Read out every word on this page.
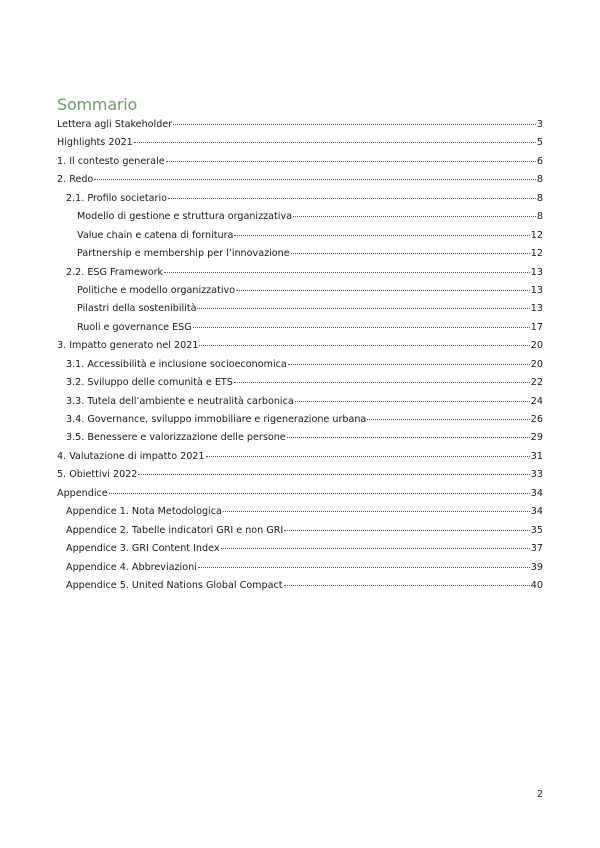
Sommario
Lettera agli Stakeholder	3
Highlights 2021	5
1. Il contesto generale	6
2. Redo	8
2.1. Profilo societario	8
Modello di gestione e struttura organizzativa	8
Value chain e catena di fornitura	12
Partnership e membership per l’innovazione	12
2.2. ESG Framework	13
Politiche e modello organizzativo	13
Pilastri della sostenibilità	13
Ruoli e governance ESG	17
3. Impatto generato nel 2021	20
3.1. Accessibilità e inclusione socioeconomica	20
3.2. Sviluppo delle comunità e ETS	22
3.3. Tutela dell’ambiente e neutralità carbonica	24
3.4. Governance, sviluppo immobiliare e rigenerazione urbana	26
3.5. Benessere e valorizzazione delle persone	29
4. Valutazione di impatto 2021	31
5. Obiettivi 2022	33
Appendice	34
Appendice 1. Nota Metodologica	34
Appendice 2. Tabelle indicatori GRI e non GRI	35
Appendice 3. GRI Content Index	37
Appendice 4. Abbreviazioni	39
Appendice 5. United Nations Global Compact	40
2
